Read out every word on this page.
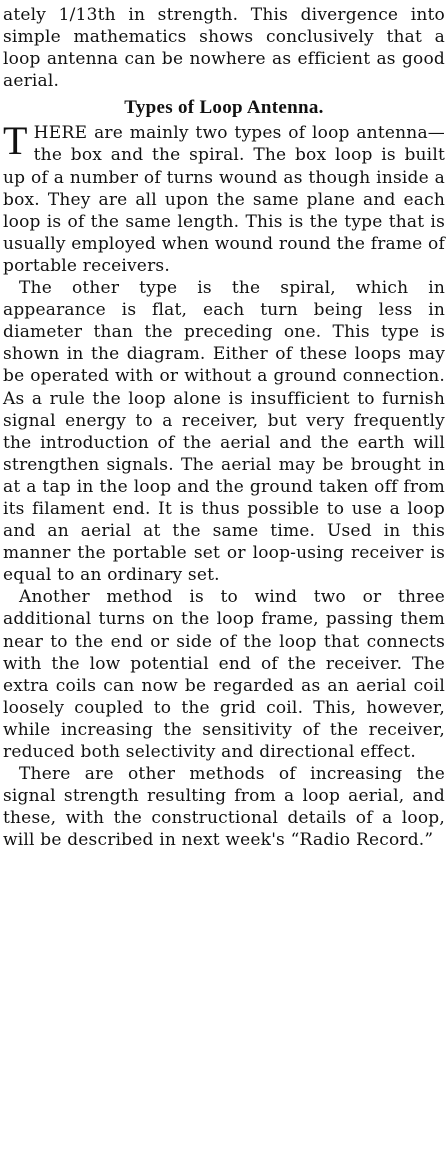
ately 1/13th in strength. This divergence into simple mathematics shows conclusively that a loop antenna can be nowhere as efficient as good aerial.

Types of Loop Antenna.

THERE are mainly two types of loop antenna—the box and the spiral. The box loop is built up of a number of turns wound as though inside a box. They are all upon the same plane and each loop is of the same length. This is the type that is usually employed when wound round the frame of portable receivers.

The other type is the spiral, which in appearance is flat, each turn being less in diameter than the preceding one. This type is shown in the diagram. Either of these loops may be operated with or without a ground connection. As a rule the loop alone is insufficient to furnish signal energy to a receiver, but very frequently the introduction of the aerial and the earth will strengthen signals. The aerial may be brought in at a tap in the loop and the ground taken off from its filament end. It is thus possible to use a loop and an aerial at the same time. Used in this manner the portable set or loop-using receiver is equal to an ordinary set.

Another method is to wind two or three additional turns on the loop frame, passing them near to the end or side of the loop that connects with the low potential end of the receiver. The extra coils can now be regarded as an aerial coil loosely coupled to the grid coil. This, however, while increasing the sensitivity of the receiver, reduced both selectivity and directional effect.

There are other methods of increasing the signal strength resulting from a loop aerial, and these, with the constructional details of a loop, will be described in next week's “Radio Record.”
